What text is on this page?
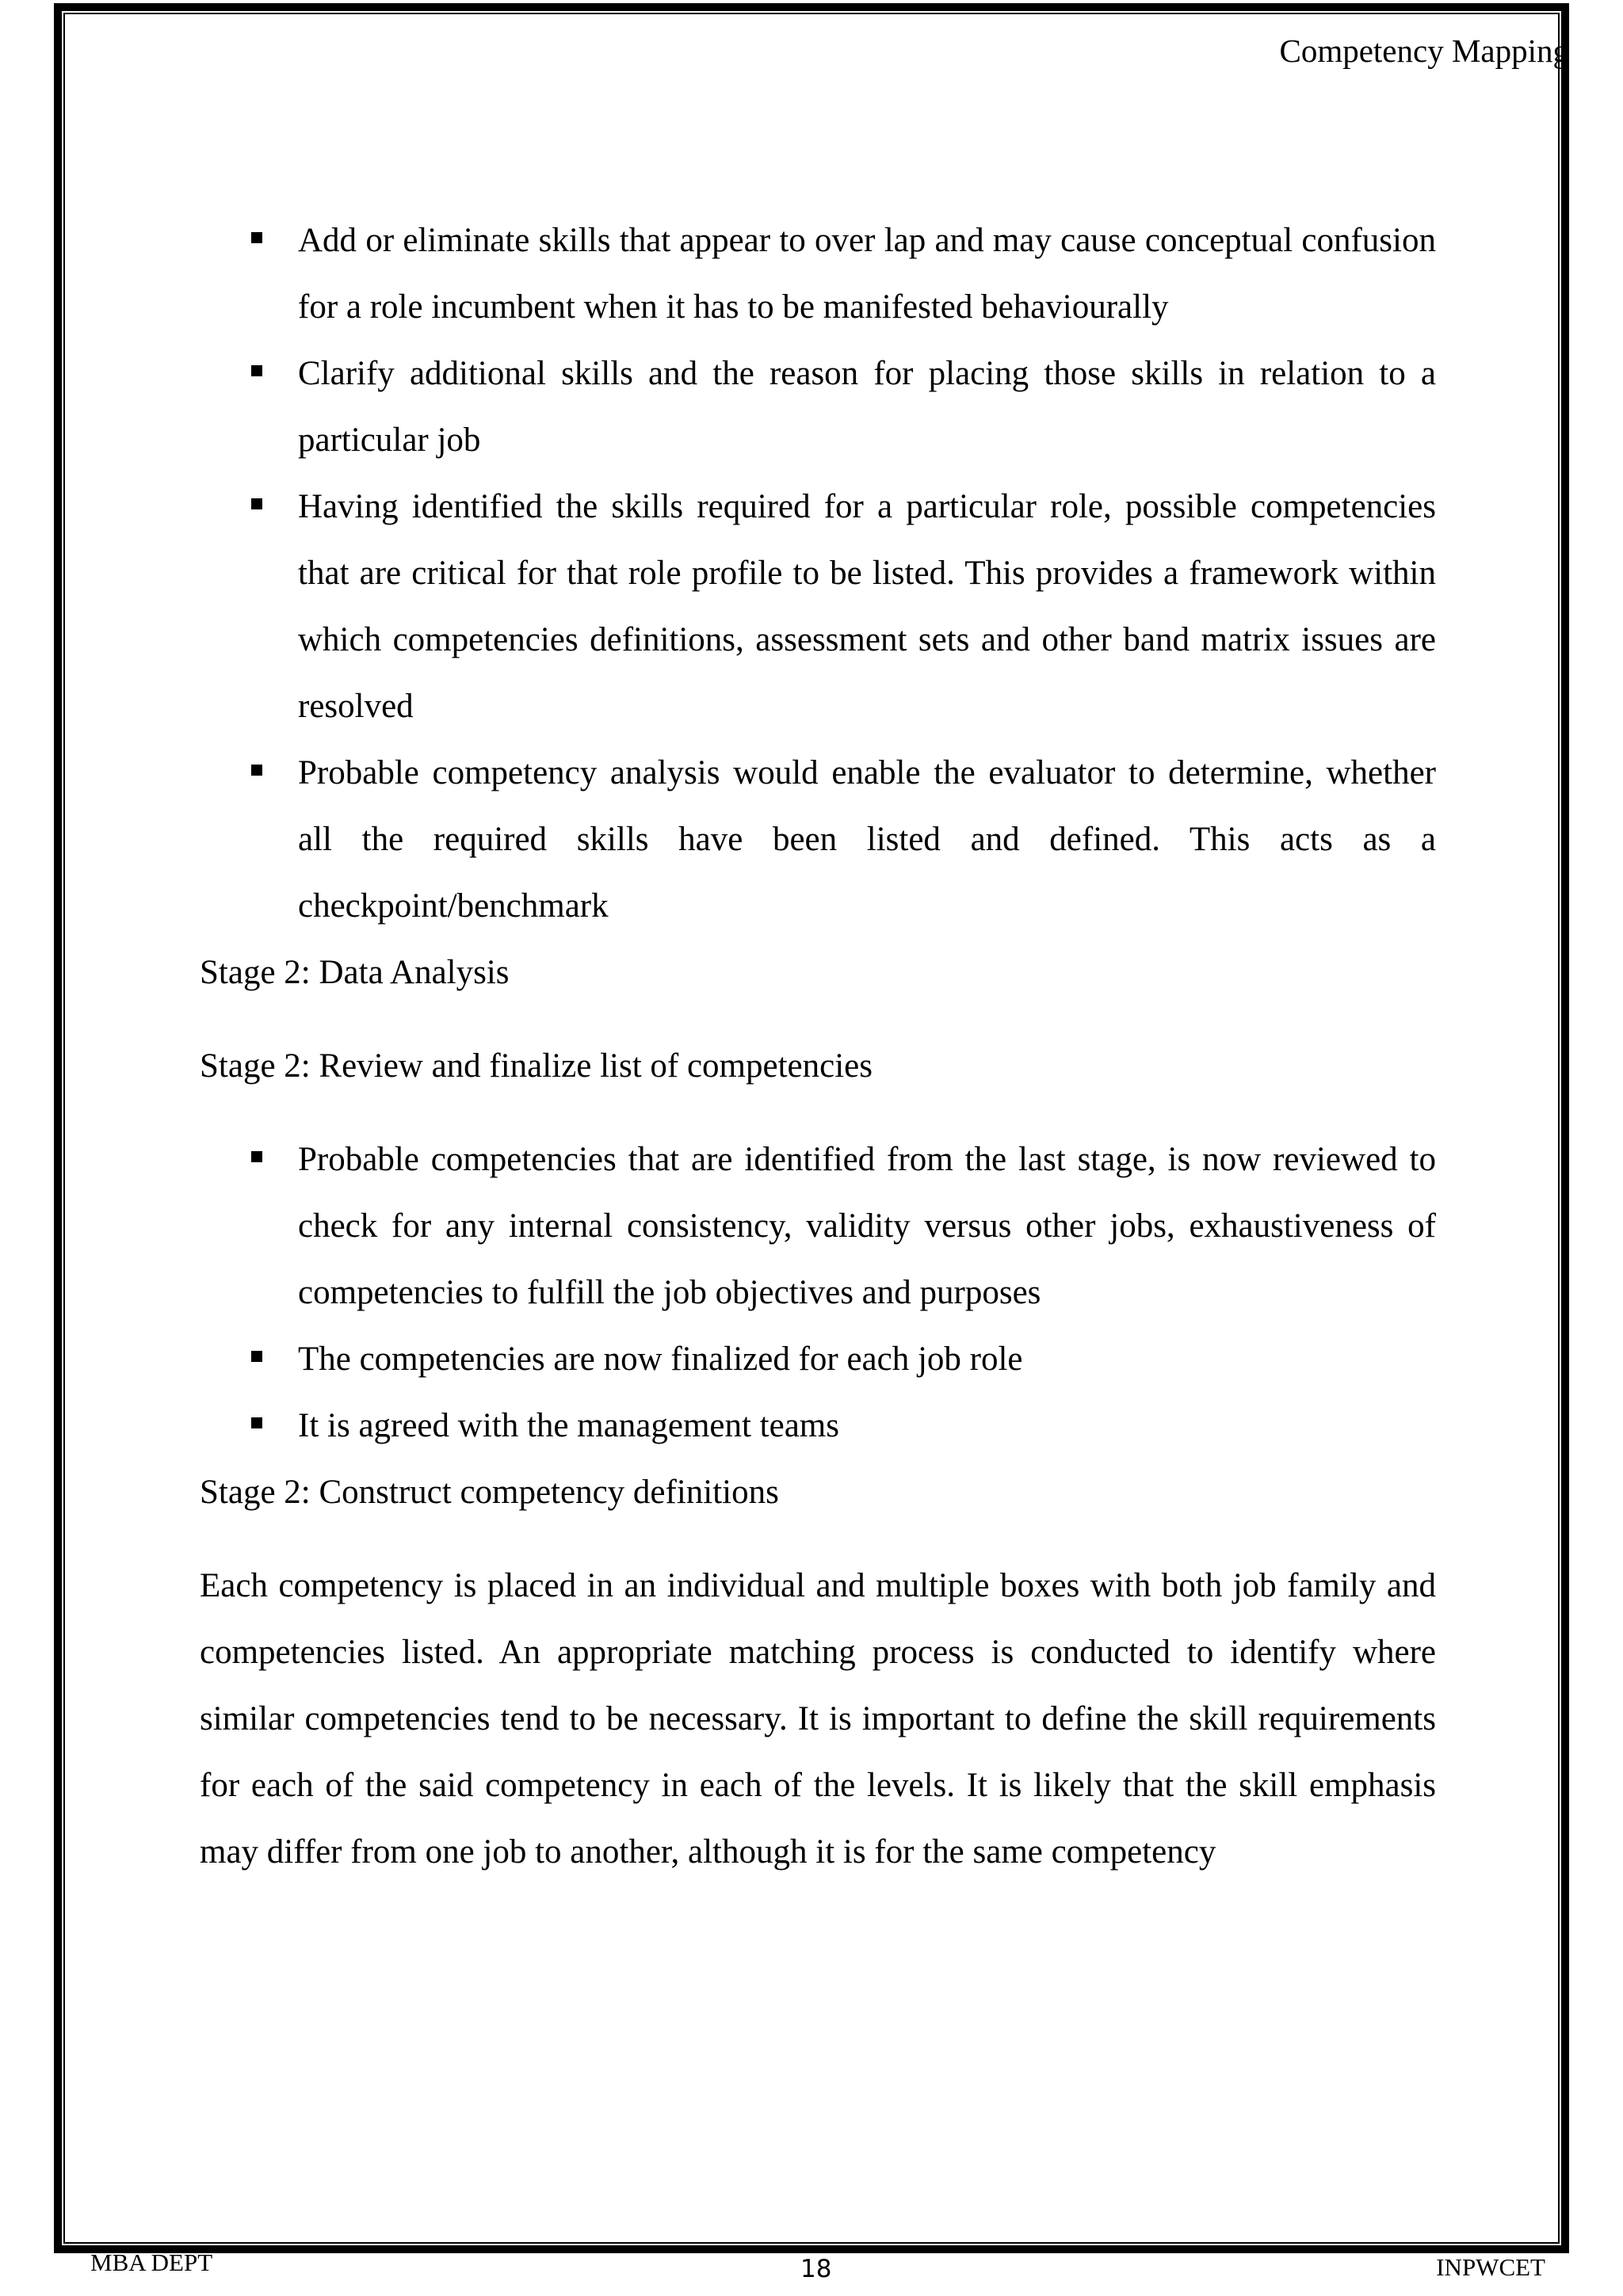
Competency Mapping
Add or eliminate skills that appear to over lap and may cause conceptual confusion for a role incumbent when it has to be manifested behaviourally
Clarify additional skills and the reason for placing those skills in relation to a particular job
Having identified the skills required for a particular role, possible competencies that are critical for that role profile to be listed. This provides a framework within which competencies definitions, assessment sets and other band matrix issues are resolved
Probable competency analysis would enable the evaluator to determine, whether all the required skills have been listed and defined. This acts as a checkpoint/benchmark

Stage 2: Data Analysis

Stage 2: Review and finalize list of competencies

Probable competencies that are identified from the last stage, is now reviewed to check for any internal consistency, validity versus other jobs, exhaustiveness of competencies to fulfill the job objectives and purposes
The competencies are now finalized for each job role
It is agreed with the management teams

Stage 2: Construct competency definitions

Each competency is placed in an individual and multiple boxes with both job family and competencies listed. An appropriate matching process is conducted to identify where similar competencies tend to be necessary. It is important to define the skill requirements for each of the said competency in each of the levels. It is likely that the skill emphasis may differ from one job to another, although it is for the same competency

MBA DEPT	18	INPWCET
